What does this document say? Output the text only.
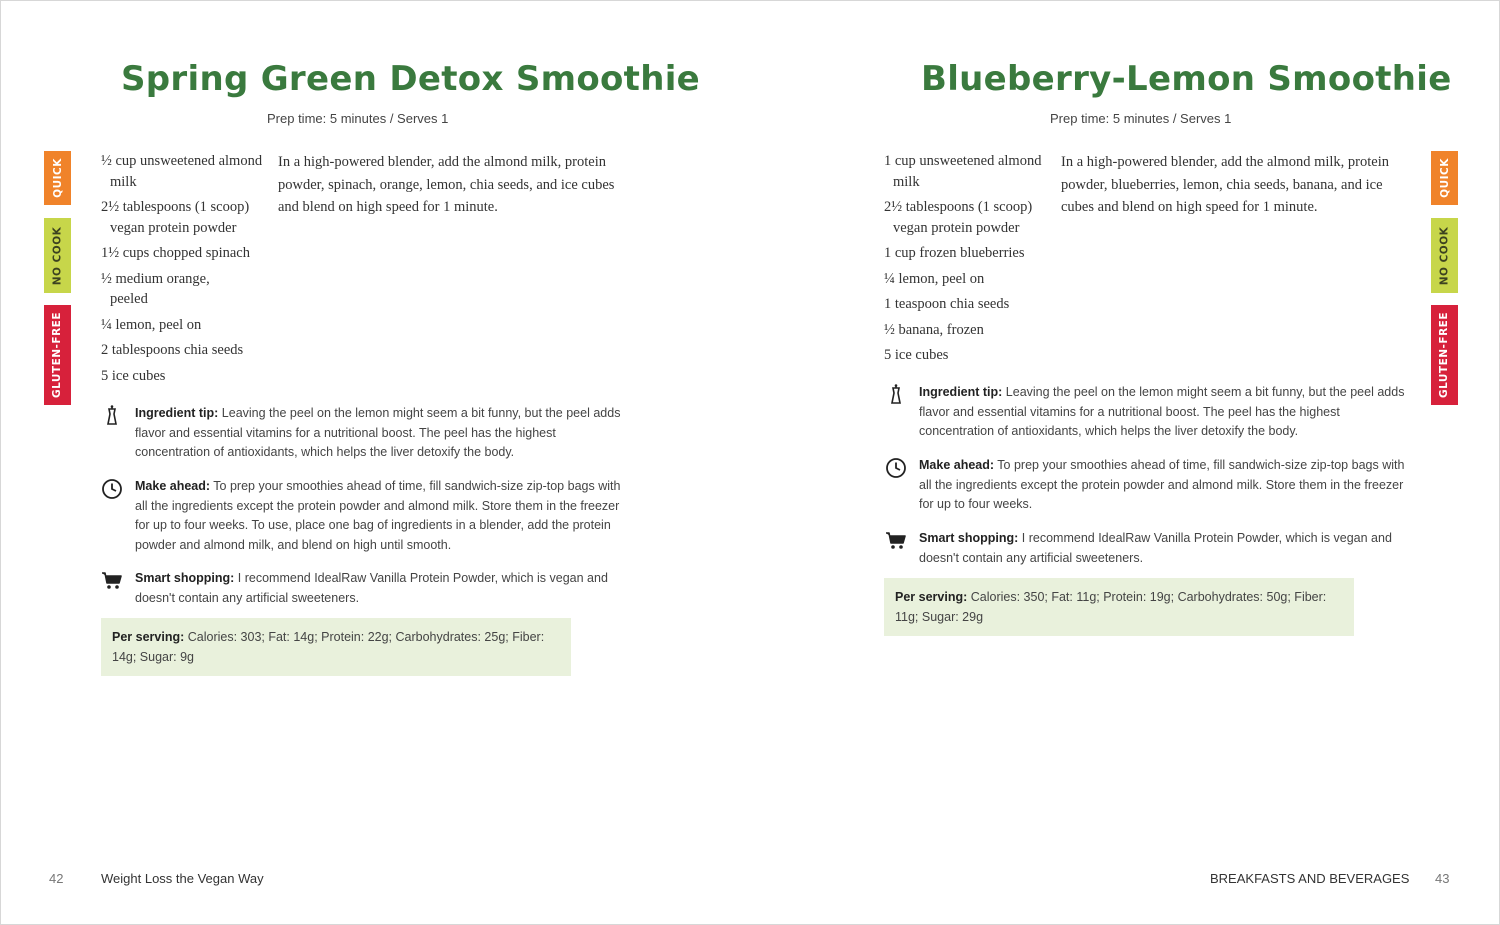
QUICK
NO COOK
GLUTEN-FREE
Spring Green Detox Smoothie
Prep time: 5 minutes / Serves 1
½ cup unsweetened almond milk
2½ tablespoons (1 scoop) vegan protein powder
1½ cups chopped spinach
½ medium orange, peeled
¼ lemon, peel on
2 tablespoons chia seeds
5 ice cubes

In a high-powered blender, add the almond milk, protein powder, spinach, orange, lemon, chia seeds, and ice cubes and blend on high speed for 1 minute.

Ingredient tip: Leaving the peel on the lemon might seem a bit funny, but the peel adds flavor and essential vitamins for a nutritional boost. The peel has the highest concentration of antioxidants, which helps the liver detoxify the body.

Make ahead: To prep your smoothies ahead of time, fill sandwich-size zip-top bags with all the ingredients except the protein powder and almond milk. Store them in the freezer for up to four weeks. To use, place one bag of ingredients in a blender, add the protein powder and almond milk, and blend on high until smooth.

Smart shopping: I recommend IdealRaw Vanilla Protein Powder, which is vegan and doesn't contain any artificial sweeteners.

Per serving: Calories: 303; Fat: 14g; Protein: 22g; Carbohydrates: 25g; Fiber: 14g; Sugar: 9g
42	Weight Loss the Vegan Way
Blueberry-Lemon Smoothie
Prep time: 5 minutes / Serves 1
1 cup unsweetened almond milk
2½ tablespoons (1 scoop) vegan protein powder
1 cup frozen blueberries
¼ lemon, peel on
1 teaspoon chia seeds
½ banana, frozen
5 ice cubes

In a high-powered blender, add the almond milk, protein powder, blueberries, lemon, chia seeds, banana, and ice cubes and blend on high speed for 1 minute.

Ingredient tip: Leaving the peel on the lemon might seem a bit funny, but the peel adds flavor and essential vitamins for a nutritional boost. The peel has the highest concentration of antioxidants, which helps the liver detoxify the body.

Make ahead: To prep your smoothies ahead of time, fill sandwich-size zip-top bags with all the ingredients except the protein powder and almond milk. Store them in the freezer for up to four weeks.

Smart shopping: I recommend IdealRaw Vanilla Protein Powder, which is vegan and doesn't contain any artificial sweeteners.

Per serving: Calories: 350; Fat: 11g; Protein: 19g; Carbohydrates: 50g; Fiber: 11g; Sugar: 29g
QUICK
NO COOK
GLUTEN-FREE
BREAKFASTS AND BEVERAGES 43
